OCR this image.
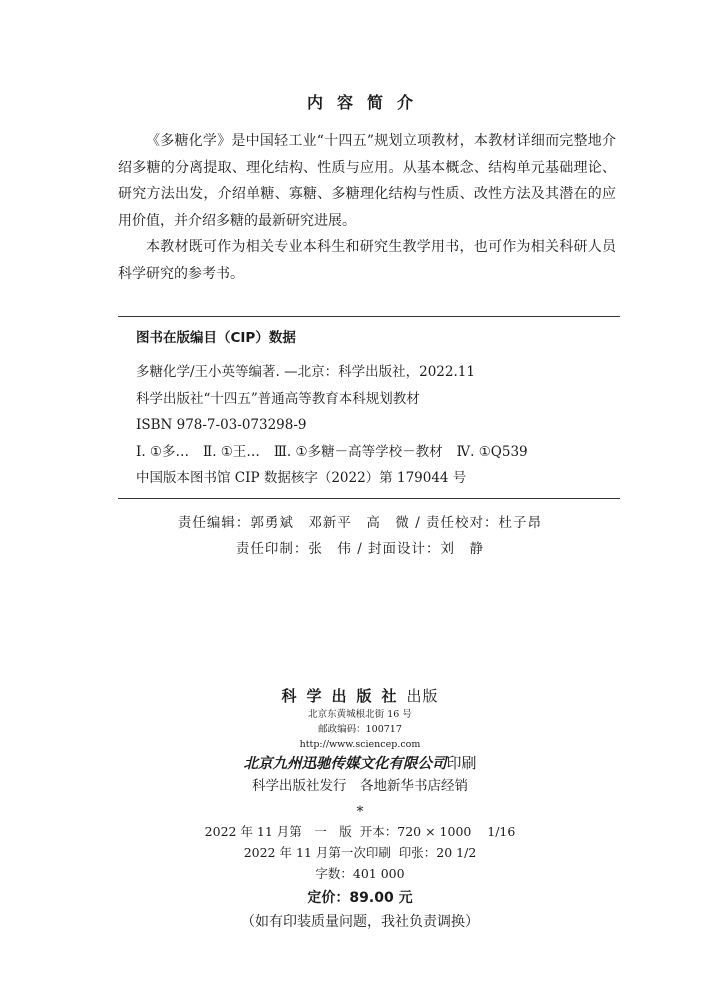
内容简介

《多糖化学》是中国轻工业“十四五”规划立项教材，本教材详细而完整地介绍多糖的分离提取、理化结构、性质与应用。从基本概念、结构单元基础理论、研究方法出发，介绍单糖、寡糖、多糖理化结构与性质、改性方法及其潜在的应用价值，并介绍多糖的最新研究进展。

本教材既可作为相关专业本科生和研究生教学用书，也可作为相关科研人员科学研究的参考书。

图书在版编目（CIP）数据
多糖化学/王小英等编著. —北京：科学出版社，2022.11
科学出版社“十四五”普通高等教育本科规划教材
ISBN 978-7-03-073298-9
Ⅰ. ①多… Ⅱ. ①王… Ⅲ. ①多糖－高等学校－教材 Ⅳ. ①Q539
中国版本图书馆 CIP 数据核字（2022）第 179044 号
责任编辑：郭勇斌　邓新平　高　微 / 责任校对：杜子昂
责任印制：张　伟 / 封面设计：刘　静
科学出版社出版
北京东黄城根北街 16 号
邮政编码：100717
http://www.sciencep.com
北京九州迅驰传媒文化有限公司印刷
科学出版社发行　各地新华书店经销
*
2022 年 11 月第　一　版  开本：720 × 1000    1/16
2022 年 11 月第一次印刷  印张：20 1/2
字数：401 000
定价：89.00 元
（如有印装质量问题，我社负责调换）
